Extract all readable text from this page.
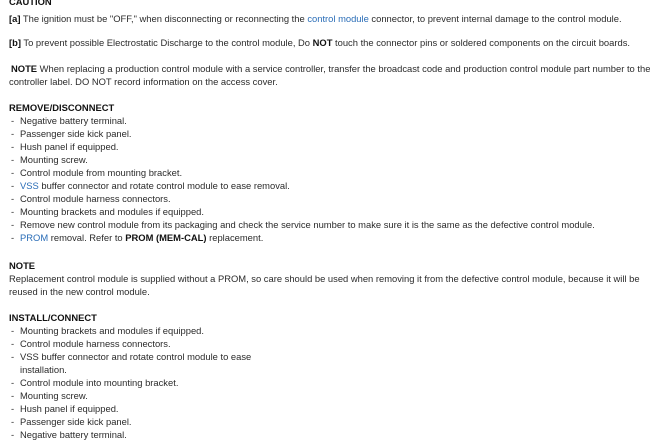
CAUTION
[a] The ignition must be "OFF," when disconnecting or reconnecting the control module connector, to prevent internal damage to the control module.
[b] To prevent possible Electrostatic Discharge to the control module, Do NOT touch the connector pins or soldered components on the circuit boards.
NOTE When replacing a production control module with a service controller, transfer the broadcast code and production control module part number to the
controller label. DO NOT record information on the access cover.
REMOVE/DISCONNECT
- Negative battery terminal.
- Passenger side kick panel.
- Hush panel if equipped.
- Mounting screw.
- Control module from mounting bracket.
- VSS buffer connector and rotate control module to ease removal.
- Control module harness connectors.
- Mounting brackets and modules if equipped.
- Remove new control module from its packaging and check the service number to make sure it is the same as the defective control module.
- PROM removal. Refer to PROM (MEM-CAL) replacement.
NOTE
Replacement control module is supplied without a PROM, so care should be used when removing it from the defective control module, because it will be
reused in the new control module.
INSTALL/CONNECT
- Mounting brackets and modules if equipped.
- Control module harness connectors.
- VSS buffer connector and rotate control module to ease
installation.
- Control module into mounting bracket.
- Mounting screw.
- Hush panel if equipped.
- Passenger side kick panel.
- Negative battery terminal.
